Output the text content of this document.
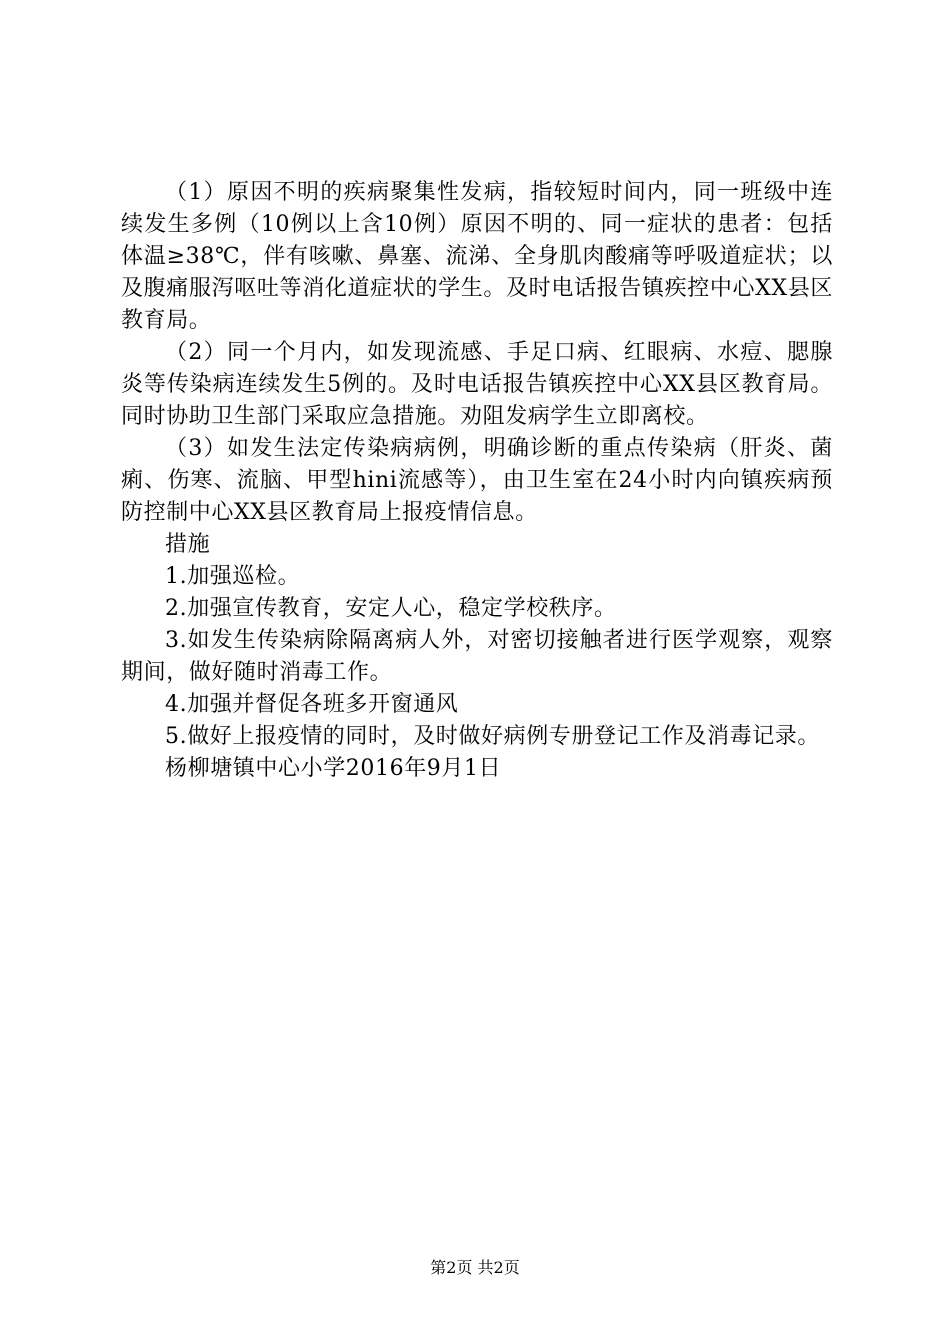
（1）原因不明的疾病聚集性发病，指较短时间内，同一班级中连续发生多例（10例以上含10例）原因不明的、同一症状的患者：包括体温≥38℃，伴有咳嗽、鼻塞、流涕、全身肌肉酸痛等呼吸道症状；以及腹痛服泻呕吐等消化道症状的学生。及时电话报告镇疾控中心XX县区教育局。

（2）同一个月内，如发现流感、手足口病、红眼病、水痘、腮腺炎等传染病连续发生5例的。及时电话报告镇疾控中心XX县区教育局。同时协助卫生部门采取应急措施。劝阻发病学生立即离校。

（3）如发生法定传染病病例，明确诊断的重点传染病（肝炎、菌痢、伤寒、流脑、甲型hini流感等），由卫生室在24小时内向镇疾病预防控制中心XX县区教育局上报疫情信息。

措施

1.加强巡检。

2.加强宣传教育，安定人心，稳定学校秩序。

3.如发生传染病除隔离病人外，对密切接触者进行医学观察，观察期间，做好随时消毒工作。

4.加强并督促各班多开窗通风

5.做好上报疫情的同时，及时做好病例专册登记工作及消毒记录。

杨柳塘镇中心小学2016年9月1日

第2页 共2页
